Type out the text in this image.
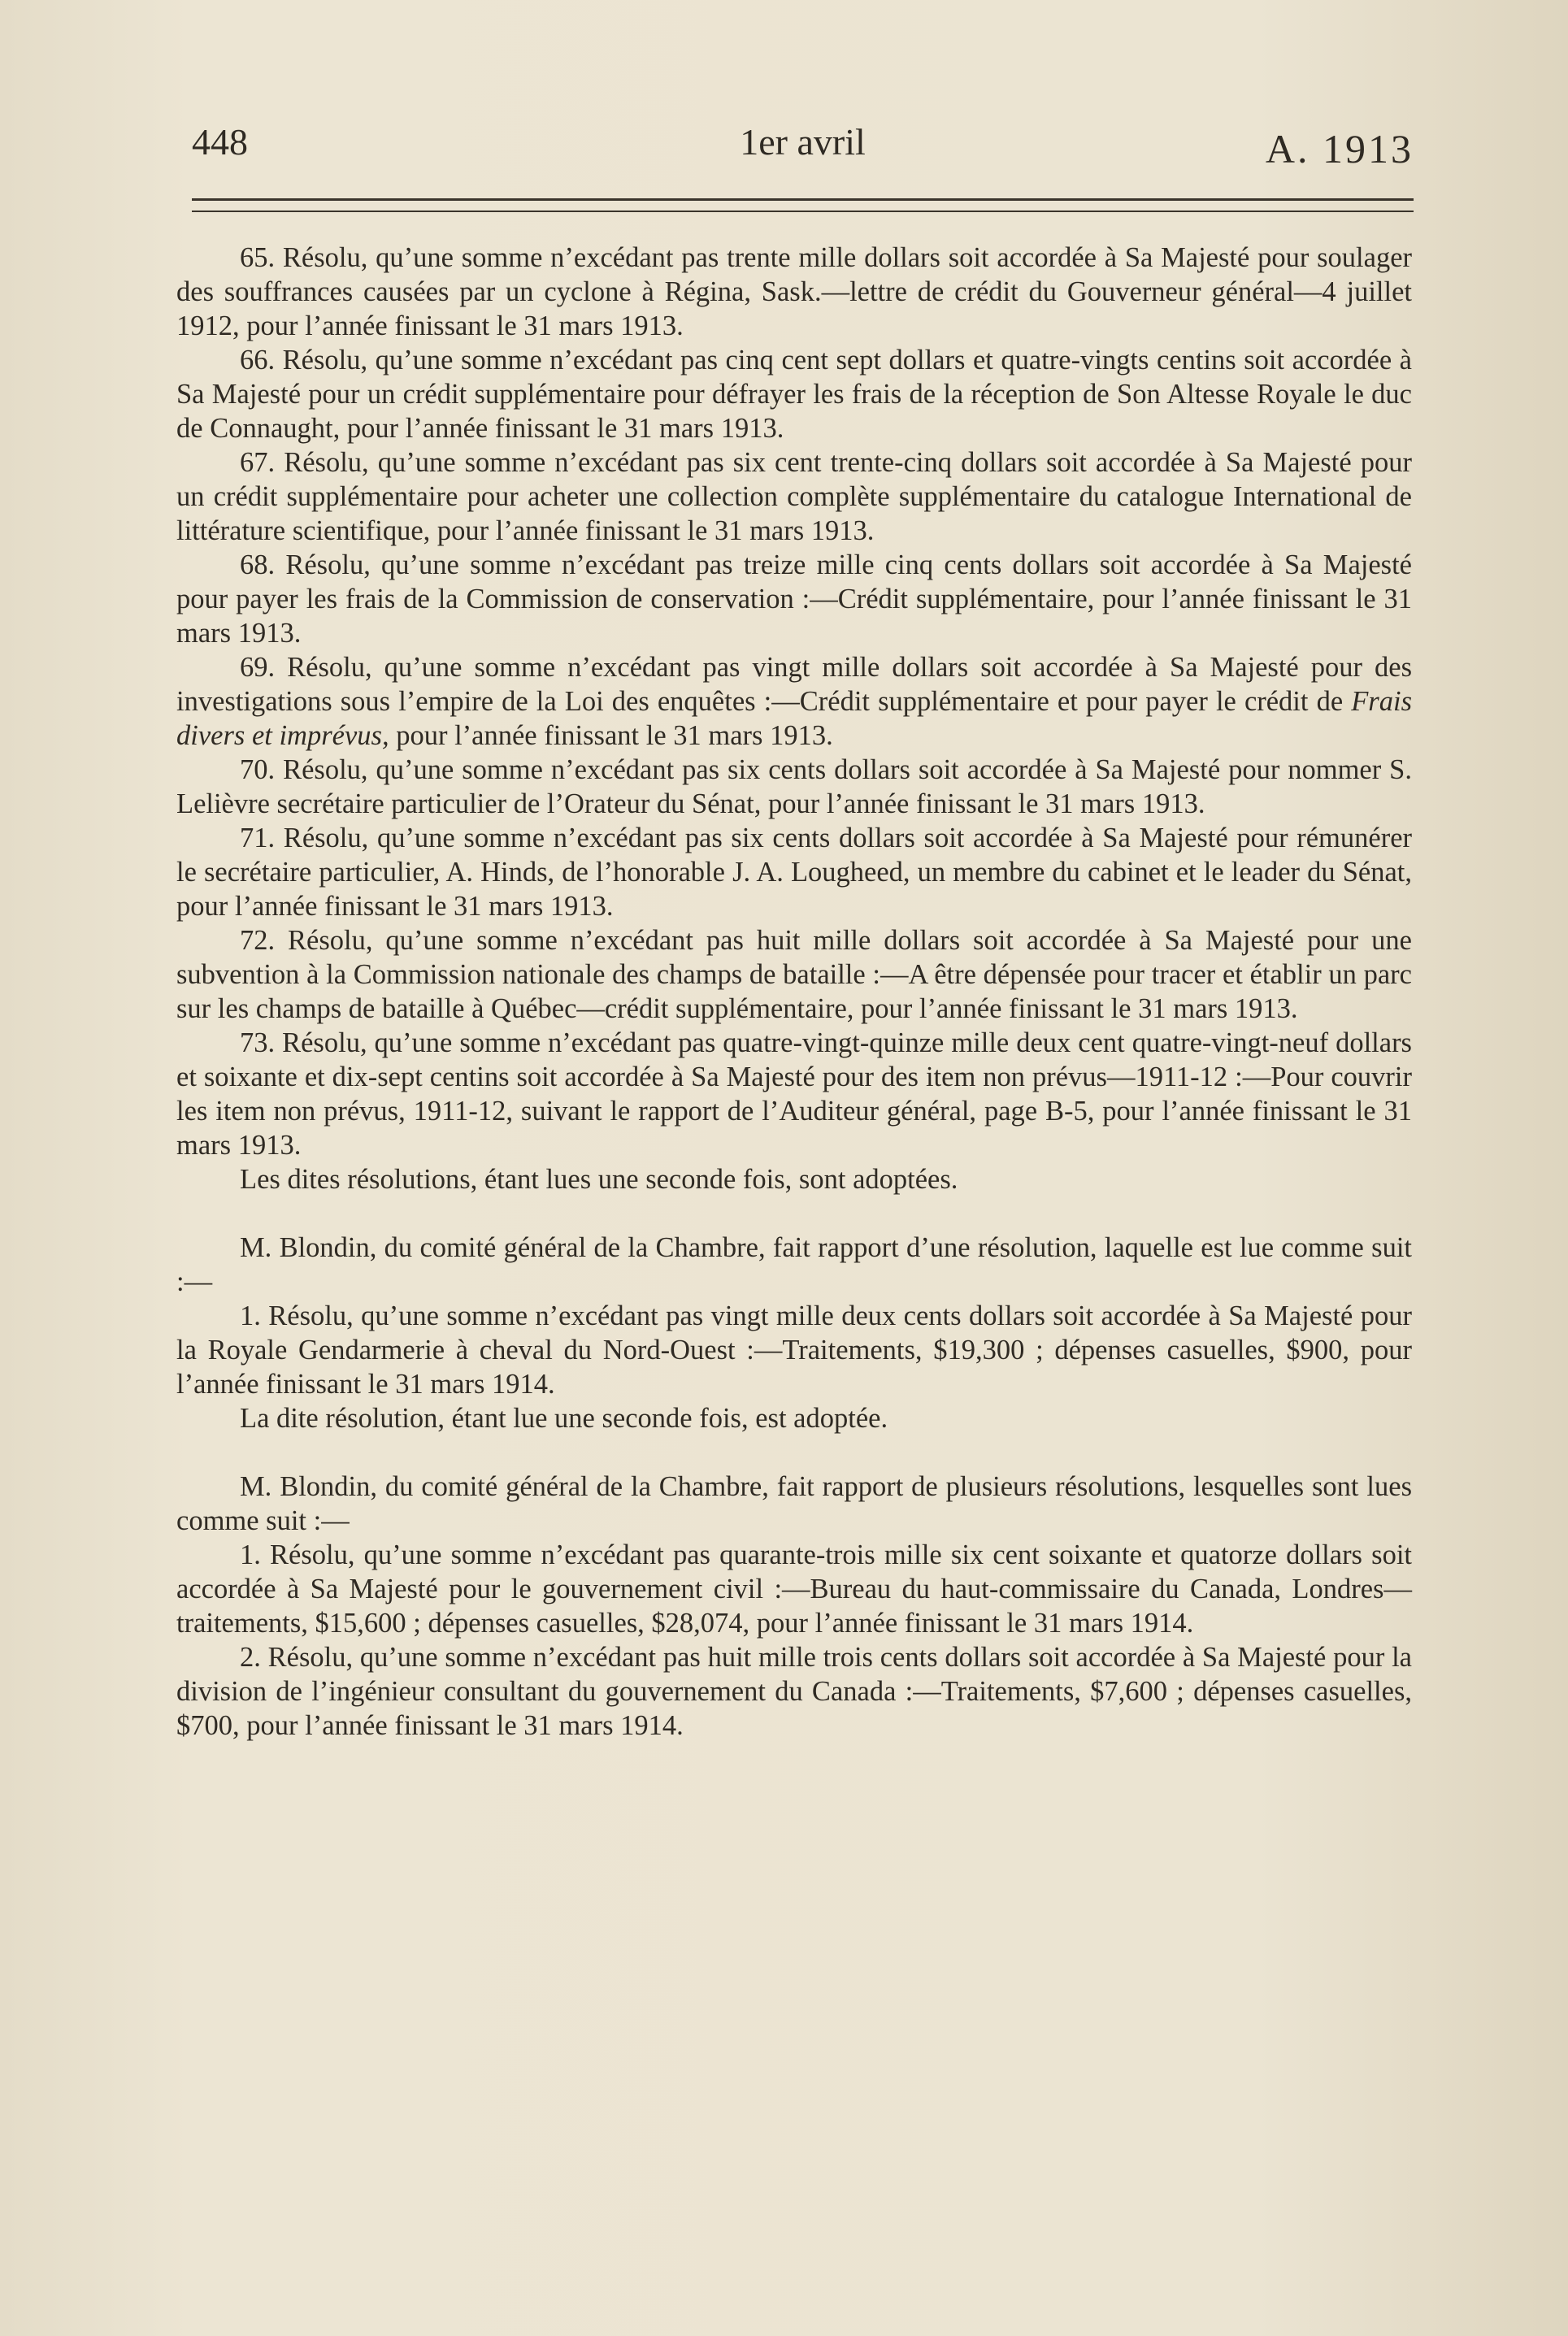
448	1er avril	A. 1913

65. Résolu, qu’une somme n’excédant pas trente mille dollars soit accordée à Sa Majesté pour soulager des souffrances causées par un cyclone à Régina, Sask.—lettre de crédit du Gouverneur général—4 juillet 1912, pour l’année finissant le 31 mars 1913.

66. Résolu, qu’une somme n’excédant pas cinq cent sept dollars et quatre-vingts centins soit accordée à Sa Majesté pour un crédit supplémentaire pour défrayer les frais de la réception de Son Altesse Royale le duc de Connaught, pour l’année finissant le 31 mars 1913.

67. Résolu, qu’une somme n’excédant pas six cent trente-cinq dollars soit accordée à Sa Majesté pour un crédit supplémentaire pour acheter une collection complète supplémentaire du catalogue International de littérature scientifique, pour l’année finissant le 31 mars 1913.

68. Résolu, qu’une somme n’excédant pas treize mille cinq cents dollars soit accordée à Sa Majesté pour payer les frais de la Commission de conservation :—Crédit supplémentaire, pour l’année finissant le 31 mars 1913.

69. Résolu, qu’une somme n’excédant pas vingt mille dollars soit accordée à Sa Majesté pour des investigations sous l’empire de la Loi des enquêtes :—Crédit supplémentaire et pour payer le crédit de Frais divers et imprévus, pour l’année finissant le 31 mars 1913.

70. Résolu, qu’une somme n’excédant pas six cents dollars soit accordée à Sa Majesté pour nommer S. Lelièvre secrétaire particulier de l’Orateur du Sénat, pour l’année finissant le 31 mars 1913.

71. Résolu, qu’une somme n’excédant pas six cents dollars soit accordée à Sa Majesté pour rémunérer le secrétaire particulier, A. Hinds, de l’honorable J. A. Lougheed, un membre du cabinet et le leader du Sénat, pour l’année finissant le 31 mars 1913.

72. Résolu, qu’une somme n’excédant pas huit mille dollars soit accordée à Sa Majesté pour une subvention à la Commission nationale des champs de bataille :—A être dépensée pour tracer et établir un parc sur les champs de bataille à Québec—crédit supplémentaire, pour l’année finissant le 31 mars 1913.

73. Résolu, qu’une somme n’excédant pas quatre-vingt-quinze mille deux cent quatre-vingt-neuf dollars et soixante et dix-sept centins soit accordée à Sa Majesté pour des item non prévus—1911-12 :—Pour couvrir les item non prévus, 1911-12, suivant le rapport de l’Auditeur général, page B-5, pour l’année finissant le 31 mars 1913.

Les dites résolutions, étant lues une seconde fois, sont adoptées.

M. Blondin, du comité général de la Chambre, fait rapport d’une résolution, laquelle est lue comme suit :—

1. Résolu, qu’une somme n’excédant pas vingt mille deux cents dollars soit accordée à Sa Majesté pour la Royale Gendarmerie à cheval du Nord-Ouest :—Traitements, $19,300 ; dépenses casuelles, $900, pour l’année finissant le 31 mars 1914.

La dite résolution, étant lue une seconde fois, est adoptée.

M. Blondin, du comité général de la Chambre, fait rapport de plusieurs résolutions, lesquelles sont lues comme suit :—

1. Résolu, qu’une somme n’excédant pas quarante-trois mille six cent soixante et quatorze dollars soit accordée à Sa Majesté pour le gouvernement civil :—Bureau du haut-commissaire du Canada, Londres—traitements, $15,600 ; dépenses casuelles, $28,074, pour l’année finissant le 31 mars 1914.

2. Résolu, qu’une somme n’excédant pas huit mille trois cents dollars soit accordée à Sa Majesté pour la division de l’ingénieur consultant du gouvernement du Canada :—Traitements, $7,600 ; dépenses casuelles, $700, pour l’année finissant le 31 mars 1914.
